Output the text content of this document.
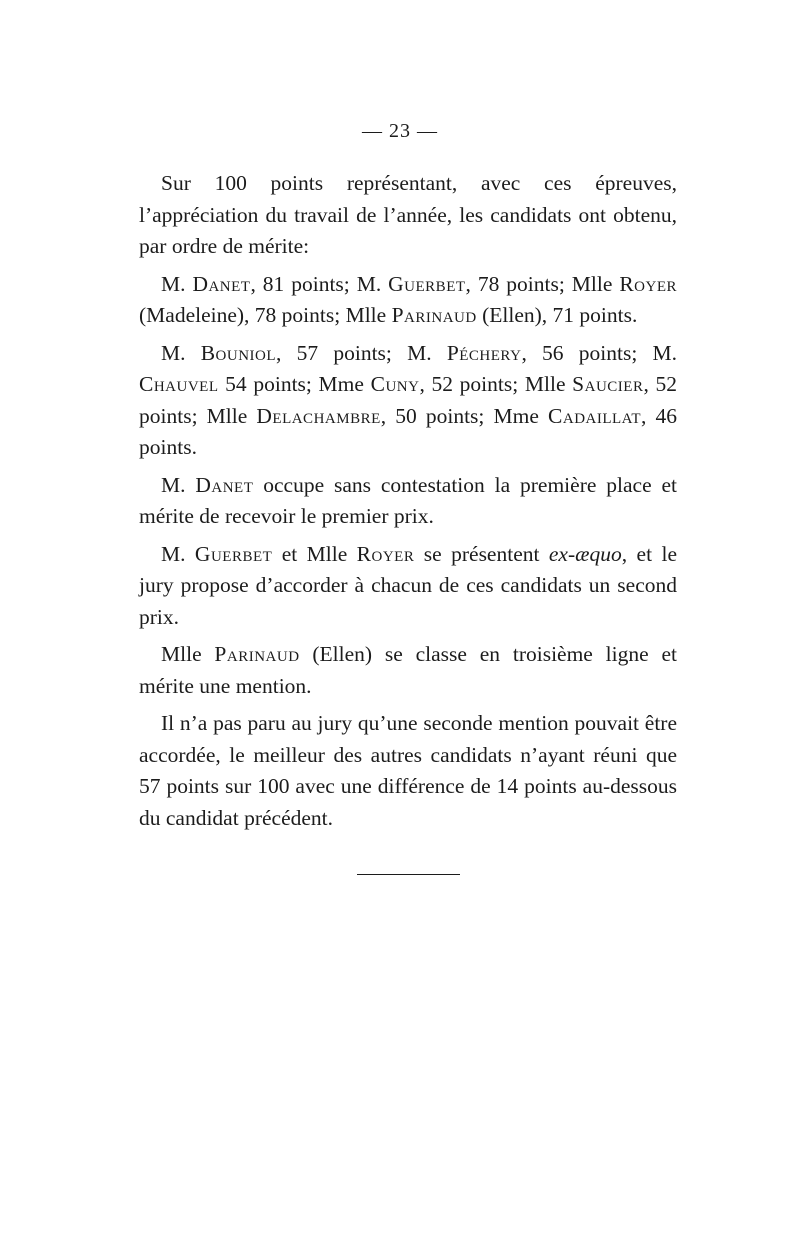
— 23 —

Sur 100 points représentant, avec ces épreuves, l’appréciation du travail de l’année, les candidats ont obtenu, par ordre de mérite:

M. Danet, 81 points; M. Guerbet, 78 points; Mlle Royer (Madeleine), 78 points; Mlle Parinaud (Ellen), 71 points.

M. Bouniol, 57 points; M. Péchery, 56 points; M. Chauvel 54 points; Mme Cuny, 52 points; Mlle Saucier, 52 points; Mlle Delachambre, 50 points; Mme Cadaillat, 46 points.

M. Danet occupe sans contestation la première place et mérite de recevoir le premier prix.

M. Guerbet et Mlle Royer se présentent ex-æquo, et le jury propose d’accorder à chacun de ces candidats un second prix.

Mlle Parinaud (Ellen) se classe en troisième ligne et mérite une mention.

Il n’a pas paru au jury qu’une seconde mention pouvait être accordée, le meilleur des autres candidats n’ayant réuni que 57 points sur 100 avec une différence de 14 points au-dessous du candidat précédent.
